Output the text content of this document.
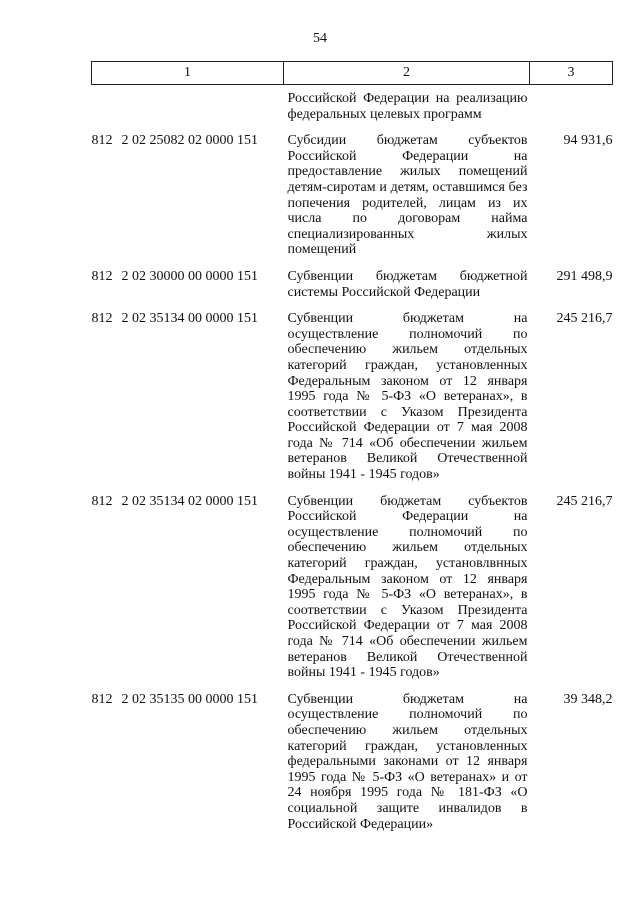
54
1	2	3
	Российской Федерации на реализацию федеральных целевых программ	
812 2 02 25082 02 0000 151	Субсидии бюджетам субъектов Российской Федерации на предоставление жилых помещений детям-сиротам и детям, оставшимся без попечения родителей, лицам из их числа по договорам найма специализированных жилых помещений	94 931,6
812 2 02 30000 00 0000 151	Субвенции бюджетам бюджетной системы Российской Федерации	291 498,9
812 2 02 35134 00 0000 151	Субвенции бюджетам на осуществление полномочий по обеспечению жильем отдельных категорий граждан, установленных Федеральным законом от 12 января 1995 года № 5-ФЗ «О ветеранах», в соответствии с Указом Президента Российской Федерации от 7 мая 2008 года № 714 «Об обеспечении жильем ветеранов Великой Отечественной войны 1941 - 1945 годов»	245 216,7
812 2 02 35134 02 0000 151	Субвенции бюджетам субъектов Российской Федерации на осуществление полномочий по обеспечению жильем отдельных категорий граждан, установлвнных Федеральным законом от 12 января 1995 года № 5-ФЗ «О ветеранах», в соответствии с Указом Президента Российской Федерации от 7 мая 2008 года № 714 «Об обеспечении жильем ветеранов Великой Отечественной войны 1941 - 1945 годов»	245 216,7
812 2 02 35135 00 0000 151	Субвенции бюджетам на осуществление полномочий по обеспечению жильем отдельных категорий граждан, установленных федеральными законами от 12 января 1995 года № 5-ФЗ «О ветеранах» и от 24 ноября 1995 года № 181-ФЗ «О социальной защите инвалидов в Российской Федерации»	39 348,2
